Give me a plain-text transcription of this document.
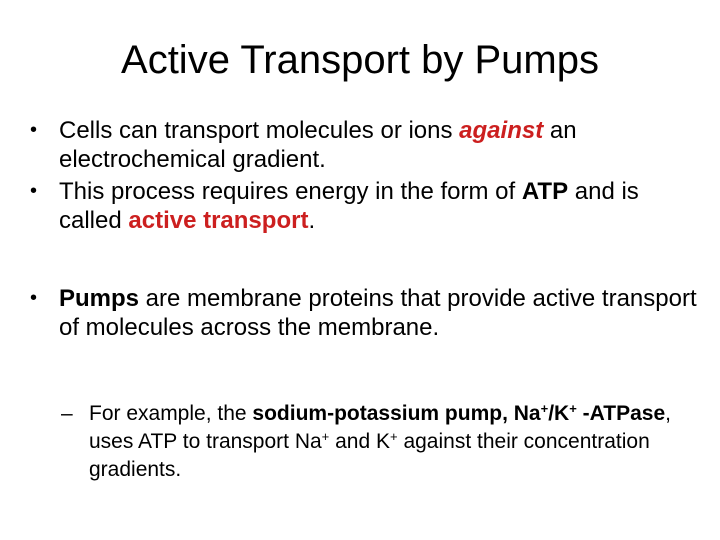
Active Transport by Pumps
• Cells can transport molecules or ions against an electrochemical gradient.
• This process requires energy in the form of ATP and is called active transport.
• Pumps are membrane proteins that provide active transport of molecules across the membrane.
– For example, the sodium-potassium pump, Na+/K+ -ATPase, uses ATP to transport Na+ and K+ against their concentration gradients.
